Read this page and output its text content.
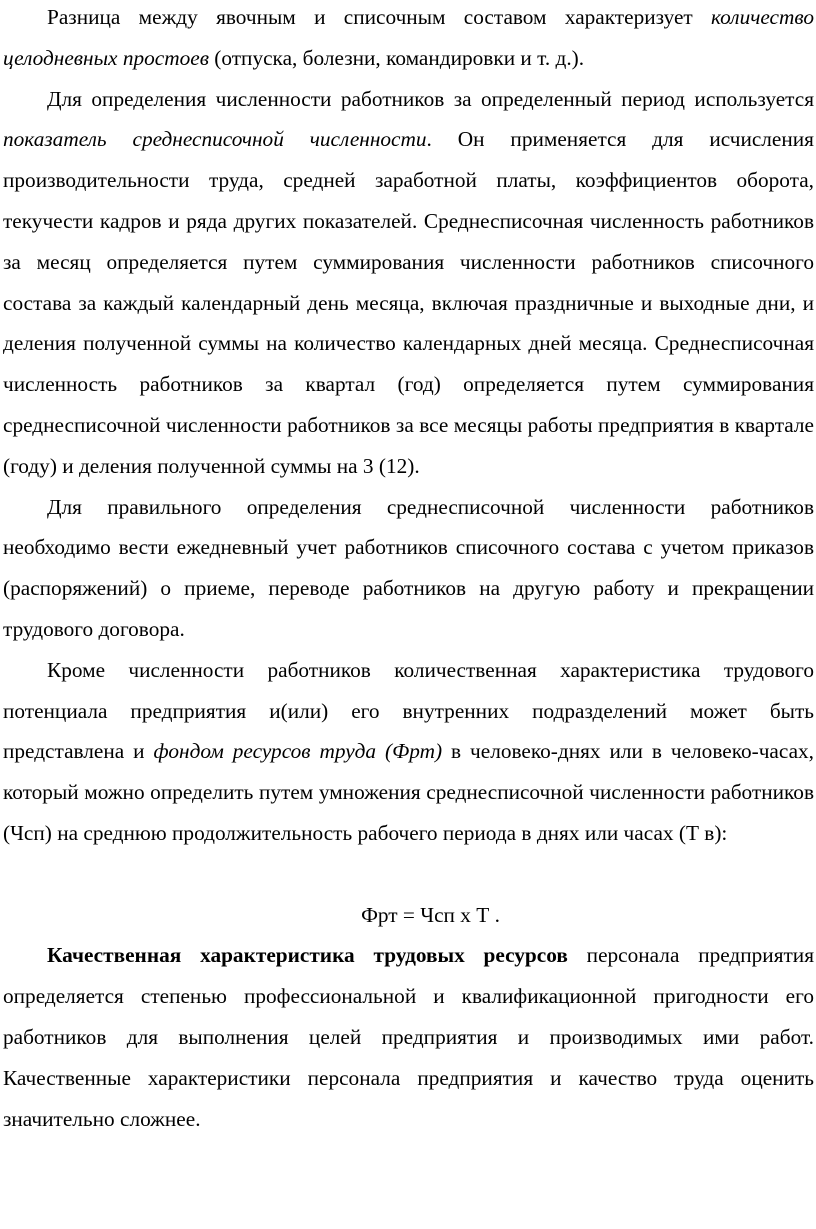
Разница между явочным и списочным составом характеризует количество целодневных простоев (отпуска, болезни, командировки и т. д.).

Для определения численности работников за определенный период используется показатель среднесписочной численности. Он применяется для исчисления производительности труда, средней заработной платы, коэффициентов оборота, текучести кадров и ряда других показателей. Среднесписочная численность работников за месяц определяется путем суммирования численности работников списочного состава за каждый календарный день месяца, включая праздничные и выходные дни, и деления полученной суммы на количество календарных дней месяца. Среднесписочная численность работников за квартал (год) определяется путем суммирования среднесписочной численности работников за все месяцы работы предприятия в квартале (году) и деления полученной суммы на 3 (12).

Для правильного определения среднесписочной численности работников необходимо вести ежедневный учет работников списочного состава с учетом приказов (распоряжений) о приеме, переводе работников на другую работу и прекращении трудового договора.

Кроме численности работников количественная характеристика трудового потенциала предприятия и(или) его внутренних подразделений может быть представлена и фондом ресурсов труда (Фрт) в человеко-днях или в человеко-часах, который можно определить путем умножения среднесписочной численности работников (Чсп) на среднюю продолжительность рабочего периода в днях или часах (Т в):

Фрт = Чсп х Т .

Качественная характеристика трудовых ресурсов персонала предприятия определяется степенью профессиональной и квалификационной пригодности его работников для выполнения целей предприятия и производимых ими работ. Качественные характеристики персонала предприятия и качество труда оценить значительно сложнее.
